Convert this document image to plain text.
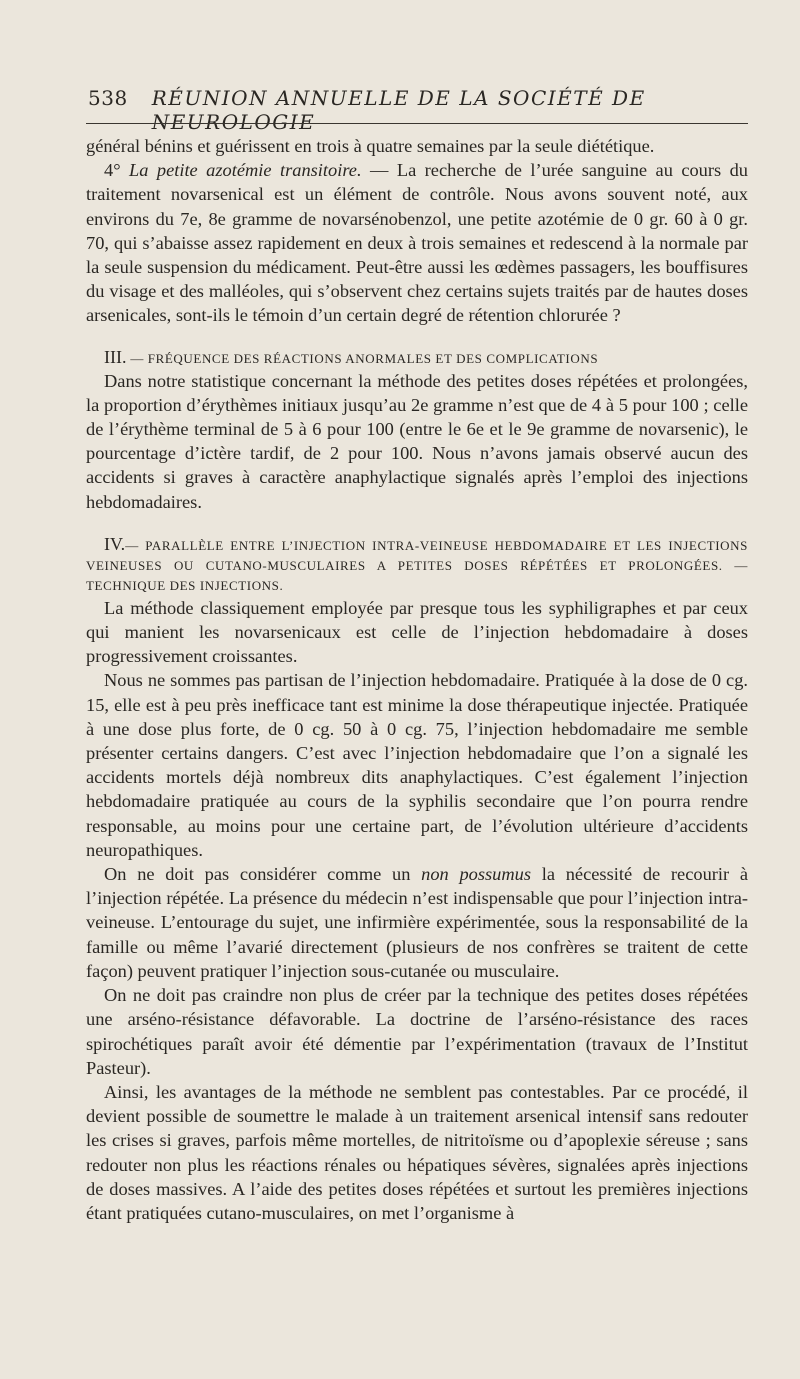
538 RÉUNION ANNUELLE DE LA SOCIÉTÉ DE NEUROLOGIE

général bénins et guérissent en trois à quatre semaines par la seule diététique.

4° La petite azotémie transitoire. — La recherche de l’urée sanguine au cours du traitement novarsenical est un élément de contrôle. Nous avons souvent noté, aux environs du 7e, 8e gramme de novarsénobenzol, une petite azotémie de 0 gr. 60 à 0 gr. 70, qui s’abaisse assez rapidement en deux à trois semaines et redescend à la normale par la seule suspension du médicament. Peut-être aussi les œdèmes passagers, les bouffisures du visage et des malléoles, qui s’observent chez certains sujets traités par de hautes doses arsenicales, sont-ils le témoin d’un certain degré de rétention chlorurée ?

III. — FRÉQUENCE DES RÉACTIONS ANORMALES ET DES COMPLICATIONS

Dans notre statistique concernant la méthode des petites doses répétées et prolongées, la proportion d’érythèmes initiaux jusqu’au 2e gramme n’est que de 4 à 5 pour 100 ; celle de l’érythème terminal de 5 à 6 pour 100 (entre le 6e et le 9e gramme de novarsenic), le pourcentage d’ictère tardif, de 2 pour 100. Nous n’avons jamais observé aucun des accidents si graves à caractère anaphylactique signalés après l’emploi des injections hebdomadaires.

IV.— PARALLÈLE ENTRE L’INJECTION INTRA-VEINEUSE HEBDOMADAIRE ET LES INJECTIONS VEINEUSES OU CUTANO-MUSCULAIRES A PETITES DOSES RÉPÉTÉES ET PROLONGÉES. — TECHNIQUE DES INJECTIONS.

La méthode classiquement employée par presque tous les syphiligraphes et par ceux qui manient les novarsenicaux est celle de l’injection hebdomadaire à doses progressivement croissantes.

Nous ne sommes pas partisan de l’injection hebdomadaire. Pratiquée à la dose de 0 cg. 15, elle est à peu près inefficace tant est minime la dose thérapeutique injectée. Pratiquée à une dose plus forte, de 0 cg. 50 à 0 cg. 75, l’injection hebdomadaire me semble présenter certains dangers. C’est avec l’injection hebdomadaire que l’on a signalé les accidents mortels déjà nombreux dits anaphylactiques. C’est également l’injection hebdomadaire pratiquée au cours de la syphilis secondaire que l’on pourra rendre responsable, au moins pour une certaine part, de l’évolution ultérieure d’accidents neuropathiques.

On ne doit pas considérer comme un non possumus la nécessité de recourir à l’injection répétée. La présence du médecin n’est indispensable que pour l’injection intra-veineuse. L’entourage du sujet, une infirmière expérimentée, sous la responsabilité de la famille ou même l’avarié directement (plusieurs de nos confrères se traitent de cette façon) peuvent pratiquer l’injection sous-cutanée ou musculaire.

On ne doit pas craindre non plus de créer par la technique des petites doses répétées une arséno-résistance défavorable. La doctrine de l’arséno-résistance des races spirochétiques paraît avoir été démentie par l’expérimentation (travaux de l’Institut Pasteur).

Ainsi, les avantages de la méthode ne semblent pas contestables. Par ce procédé, il devient possible de soumettre le malade à un traitement arsenical intensif sans redouter les crises si graves, parfois même mortelles, de nitritoïsme ou d’apoplexie séreuse ; sans redouter non plus les réactions rénales ou hépatiques sévères, signalées après injections de doses massives. A l’aide des petites doses répétées et surtout les premières injections étant pratiquées cutano-musculaires, on met l’organisme à
